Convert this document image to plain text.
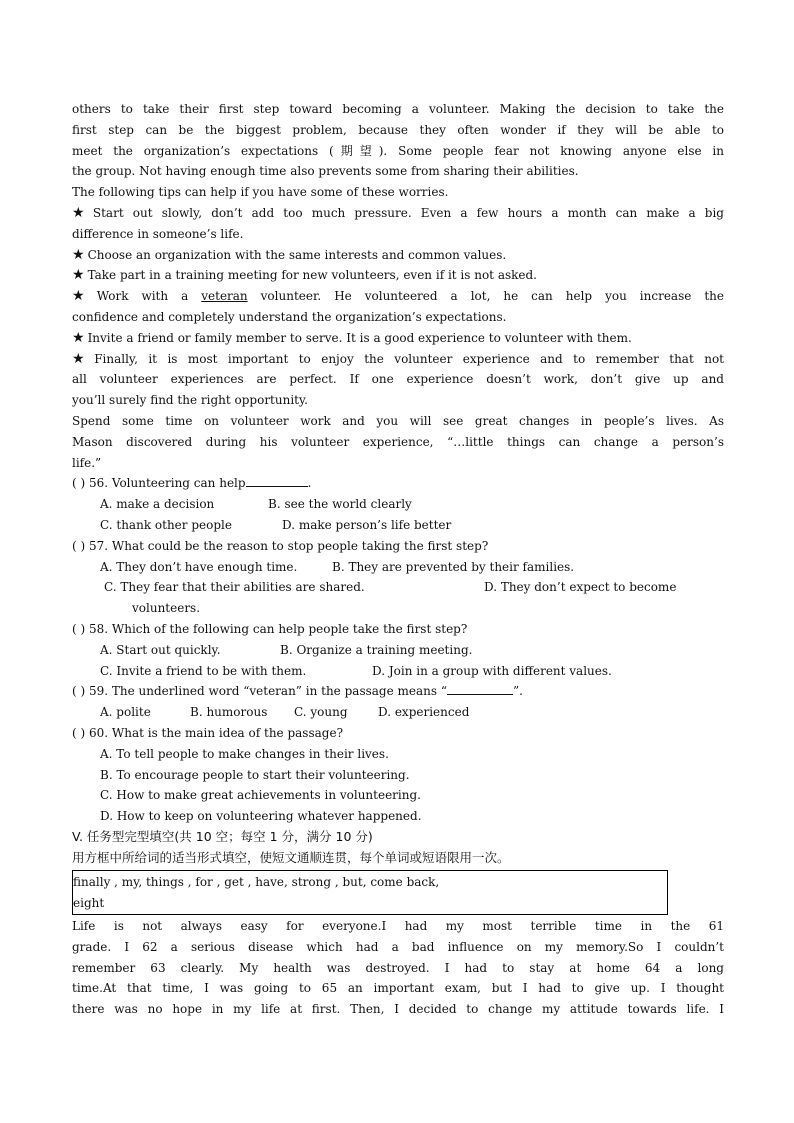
others to take their first step toward becoming a volunteer. Making the decision to take the
first step can be the biggest problem, because they often wonder if they will be able to
meet the organization’s expectations (期望). Some people fear not knowing anyone else in
the group. Not having enough time also prevents some from sharing their abilities.
The following tips can help if you have some of these worries.
★ Start out slowly, don’t add too much pressure. Even a few hours a month can make a big
difference in someone’s life.
★ Choose an organization with the same interests and common values.
★ Take part in a training meeting for new volunteers, even if it is not asked.
★ Work with a veteran volunteer. He volunteered a lot, he can help you increase the
confidence and completely understand the organization’s expectations.
★ Invite a friend or family member to serve. It is a good experience to volunteer with them.
★ Finally, it is most important to enjoy the volunteer experience and to remember that not
all volunteer experiences are perfect. If one experience doesn’t work, don’t give up and
you’ll surely find the right opportunity.
Spend some time on volunteer work and you will see great changes in people’s lives. As
Mason discovered during his volunteer experience, “…little things can change a person’s
life.”
( ) 56. Volunteering can help	.
A. make a decision	B. see the world clearly
C. thank other people	D. make person’s life better
( ) 57. What could be the reason to stop people taking the first step?
A. They don’t have enough time.	B. They are prevented by their families.
C. They fear that their abilities are shared.	D. They don’t expect to become
volunteers.
( ) 58. Which of the following can help people take the first step?
A. Start out quickly.	B. Organize a training meeting.
C. Invite a friend to be with them.	D. Join in a group with different values.
( ) 59. The underlined word “veteran” in the passage means “	”.
A. polite	B. humorous C. young	D. experienced
( ) 60. What is the main idea of the passage?
A. To tell people to make changes in their lives.
B. To encourage people to start their volunteering.
C. How to make great achievements in volunteering.
D. How to keep on volunteering whatever happened.
V. 任务型完型填空(共 10 空；每空 1 分，满分 10 分)
用方框中所给词的适当形式填空，使短文通顺连贯，每个单词或短语限用一次。
finally , my, things , for , get , have, strong , but, come back,
eight
Life is not always easy for everyone.I had my most terrible time in the 61
grade. I 62 a serious disease which had a bad influence on my memory.So I couldn’t
remember 63 clearly. My health was destroyed. I had to stay at home 64 a long
time.At that time, I was going to 65 an important exam, but I had to give up. I thought
there was no hope in my life at first. Then, I decided to change my attitude towards life. I
